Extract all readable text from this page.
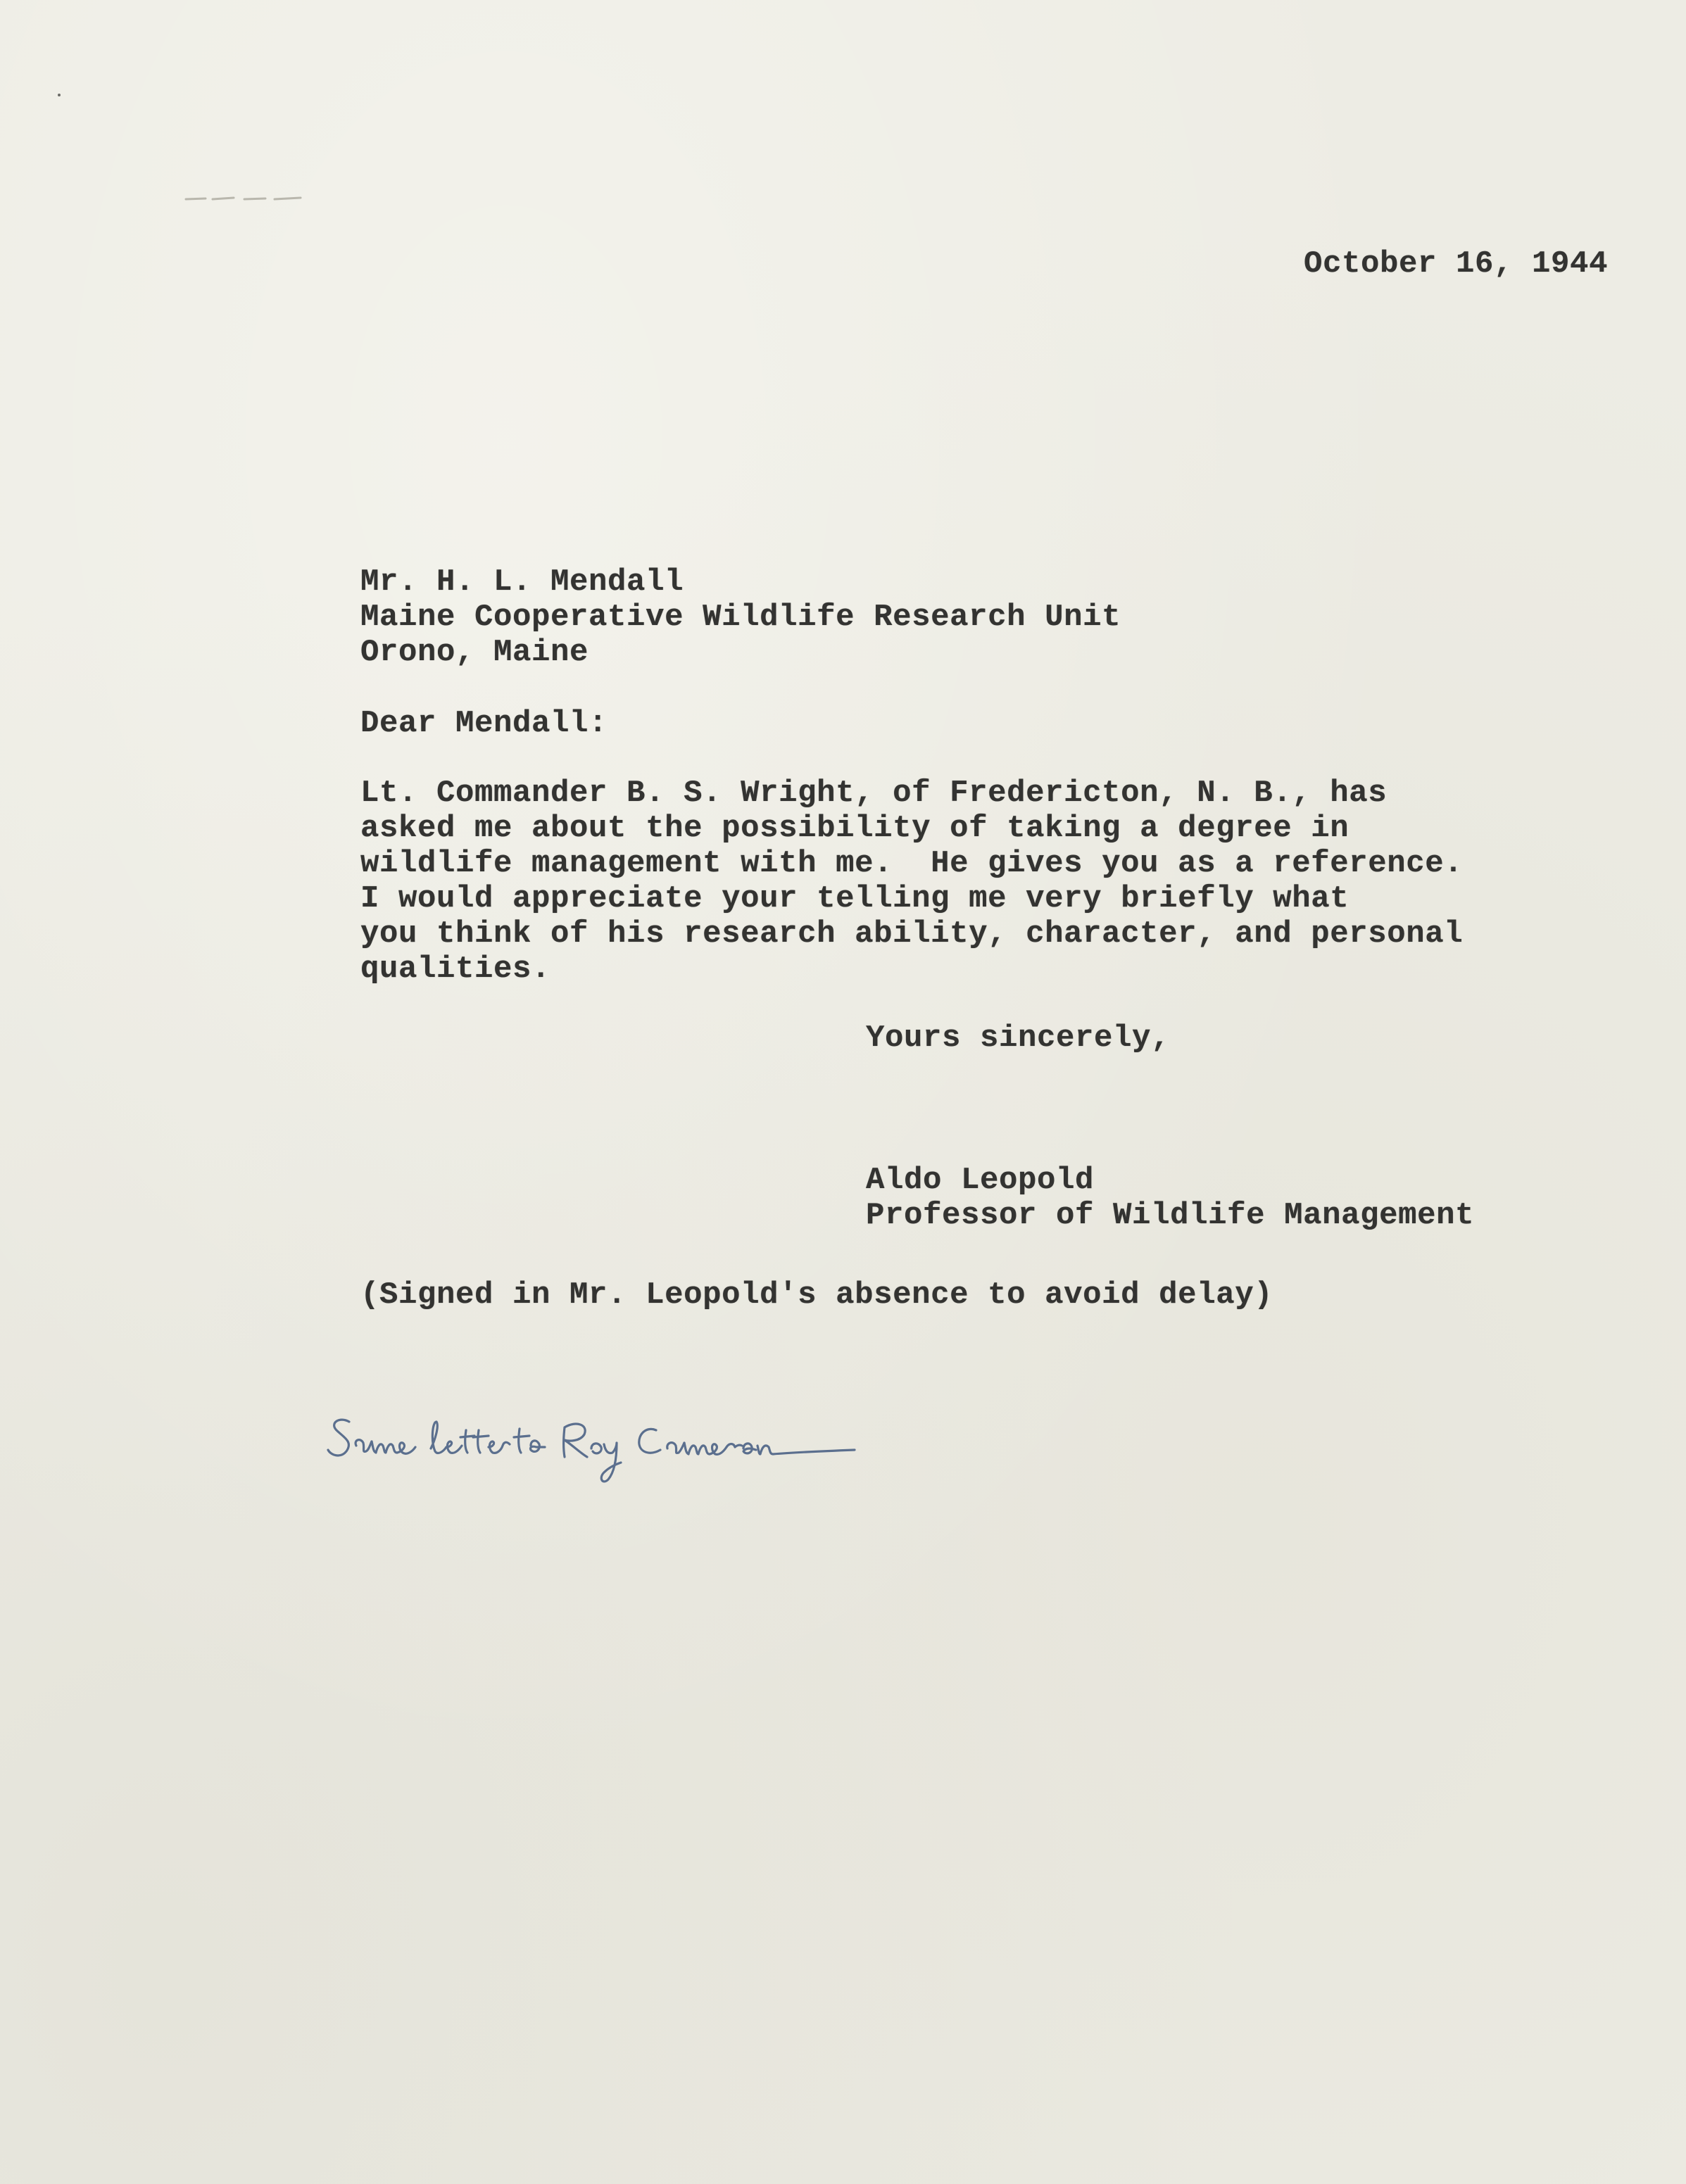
October 16, 1944
Mr. H. L. Mendall
Maine Cooperative Wildlife Research Unit
Orono, Maine
Dear Mendall:
Lt. Commander B. S. Wright, of Fredericton, N. B., has
asked me about the possibility of taking a degree in
wildlife management with me.  He gives you as a reference.
I would appreciate your telling me very briefly what
you think of his research ability, character, and personal
qualities.
Yours sincerely,
Aldo Leopold
Professor of Wildlife Management
(Signed in Mr. Leopold's absence to avoid delay)
